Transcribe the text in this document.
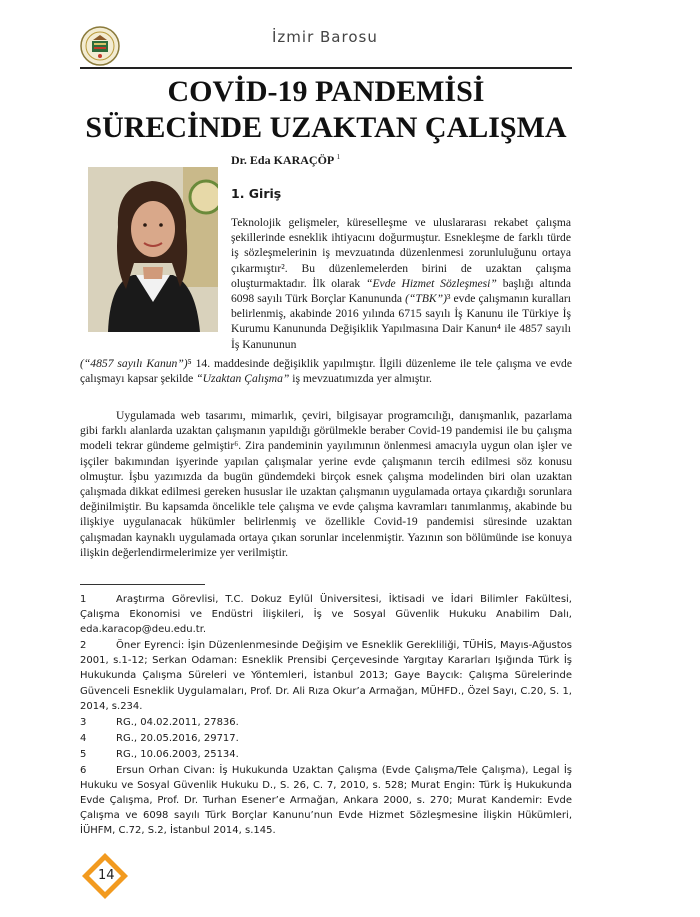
İzmir Barosu
COVİD-19 PANDEMİSİ
SÜRECİNDE UZAKTAN ÇALIŞMA
Dr. Eda KARAÇÖP $^1$
1. Giriş

Teknolojik gelişmeler, küreselleşme ve uluslararası rekabet çalışma şekillerinde esneklik ihtiyacını doğurmuştur. Esnekleşme de farklı türde iş sözleşmelerinin iş mevzuatında düzenlenmesi zorunluluğunu ortaya çıkarmıştır². Bu düzenlemelerden birini de uzaktan çalışma oluşturmaktadır. İlk olarak “Evde Hizmet Sözleşmesi” başlığı altında 6098 sayılı Türk Borçlar Kanununda (“TBK”)³ evde çalışmanın kuralları belirlenmiş, akabinde 2016 yılında 6715 sayılı İş Kanunu ile Türkiye İş Kurumu Kanununda Değişiklik Yapılmasına Dair Kanun⁴ ile 4857 sayılı İş Kanununun

(“4857 sayılı Kanun”)⁵ 14. maddesinde değişiklik yapılmıştır. İlgili düzenleme ile tele çalışma ve evde çalışmayı kapsar şekilde “Uzaktan Çalışma” iş mevzuatımızda yer almıştır.

Uygulamada web tasarımı, mimarlık, çeviri, bilgisayar programcılığı, danışmanlık, pazarlama gibi farklı alanlarda uzaktan çalışmanın yapıldığı görülmekle beraber Covid-19 pandemisi ile bu çalışma modeli tekrar gündeme gelmiştir⁶. Zira pandeminin yayılımının önlenmesi amacıyla uygun olan işler ve işçiler bakımından işyerinde yapılan çalışmalar yerine evde çalışmanın tercih edilmesi söz konusu olmuştur. İşbu yazımızda da bugün gündemdeki birçok esnek çalışma modelinden biri olan uzaktan çalışmada dikkat edilmesi gereken hususlar ile uzaktan çalışmanın uygulamada ortaya çıkardığı sorunlara değinilmiştir. Bu kapsamda öncelikle tele çalışma ve evde çalışma kavramları tanımlanmış, akabinde bu ilişkiye uygulanacak hükümler belirlenmiş ve özellikle Covid-19 pandemisi süresinde uzaktan çalışmadan kaynaklı uygulamada ortaya çıkan sorunlar incelenmiştir. Yazının son bölümünde ise konuya ilişkin değerlendirmelerimize yer verilmiştir.

1	Araştırma Görevlisi, T.C. Dokuz Eylül Üniversitesi, İktisadi ve İdari Bilimler Fakültesi, Çalışma Ekonomisi ve Endüstri İlişkileri, İş ve Sosyal Güvenlik Hukuku Anabilim Dalı, eda.karacop@deu.edu.tr.

2	Öner Eyrenci: İşin Düzenlenmesinde Değişim ve Esneklik Gerekliliği, TÜHİS, Mayıs-Ağustos 2001, s.1-12; Serkan Odaman: Esneklik Prensibi Çerçevesinde Yargıtay Kararları Işığında Türk İş Hukukunda Çalışma Süreleri ve Yöntemleri, İstanbul 2013; Gaye Baycık: Çalışma Sürelerinde Güvenceli Esneklik Uygulamaları, Prof. Dr. Ali Rıza Okur’a Armağan, MÜHFD., Özel Sayı, C.20, S. 1, 2014, s.234.

3	RG., 04.02.2011, 27836.

4	RG., 20.05.2016, 29717.

5	RG., 10.06.2003, 25134.

6	Ersun Orhan Civan: İş Hukukunda Uzaktan Çalışma (Evde Çalışma/Tele Çalışma), Legal İş Hukuku ve Sosyal Güvenlik Hukuku D., S. 26, C. 7, 2010, s. 528; Murat Engin: Türk İş Hukukunda Evde Çalışma, Prof. Dr. Turhan Esener’e Armağan, Ankara 2000, s. 270; Murat Kandemir: Evde Çalışma ve 6098 sayılı Türk Borçlar Kanunu’nun Evde Hizmet Sözleşmesine İlişkin Hükümleri, İÜHFM, C.72, S.2, İstanbul 2014, s.145.

14
